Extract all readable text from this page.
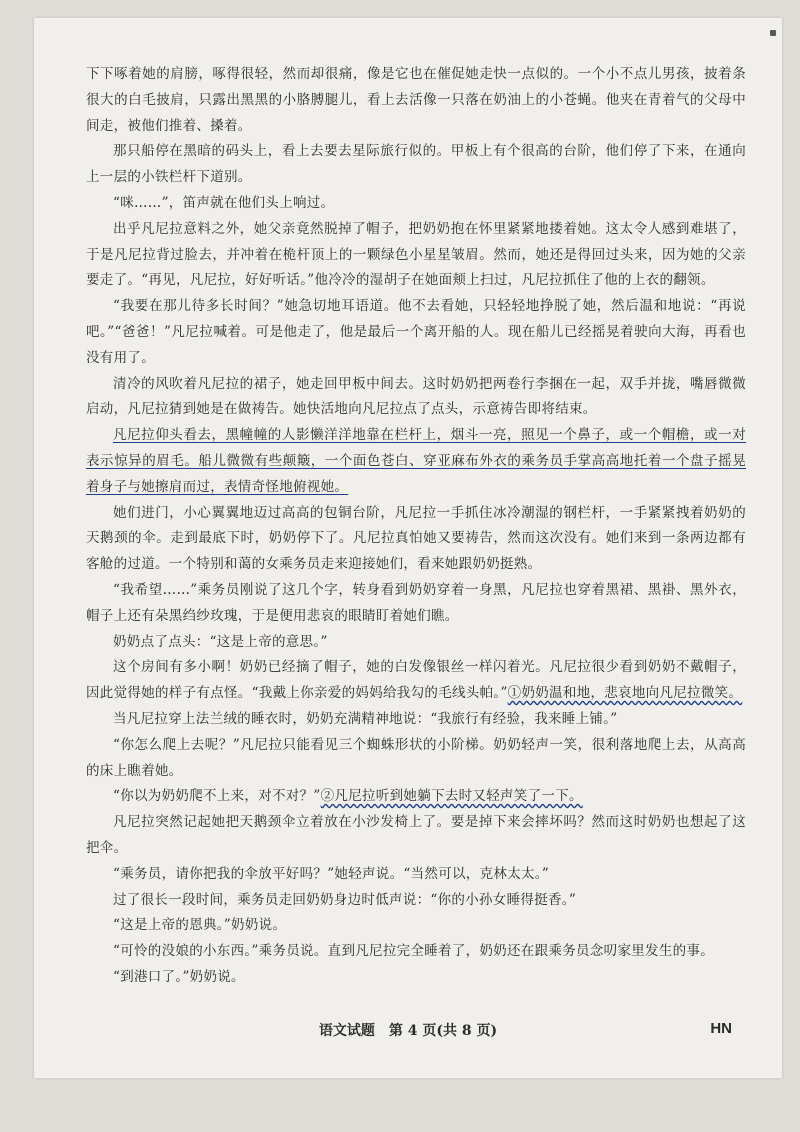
下下啄着她的肩膀，啄得很轻，然而却很痛，像是它也在催促她走快一点似的。一个小不点儿男孩，披着条很大的白毛披肩，只露出黑黑的小胳膊腿儿，看上去活像一只落在奶油上的小苍蝇。他夹在青着气的父母中间走，被他们推着、搡着。

那只船停在黑暗的码头上，看上去要去星际旅行似的。甲板上有个很高的台阶，他们停了下来，在通向上一层的小铁栏杆下道别。

“咪……”，笛声就在他们头上响过。

出乎凡尼拉意料之外，她父亲竟然脱掉了帽子，把奶奶抱在怀里紧紧地搂着她。这太令人感到难堪了，于是凡尼拉背过脸去，并冲着在桅杆顶上的一颗绿色小星星皱眉。然而，她还是得回过头来，因为她的父亲要走了。“再见，凡尼拉，好好听话。”他冷冷的湿胡子在她面颊上扫过，凡尼拉抓住了他的上衣的翻领。

“我要在那儿待多长时间？”她急切地耳语道。他不去看她，只轻轻地挣脱了她，然后温和地说：“再说吧。”“爸爸！”凡尼拉喊着。可是他走了，他是最后一个离开船的人。现在船儿已经摇晃着驶向大海，再看也没有用了。

清冷的风吹着凡尼拉的裙子，她走回甲板中间去。这时奶奶把两卷行李捆在一起，双手并拢，嘴唇微微启动，凡尼拉猜到她是在做祷告。她快活地向凡尼拉点了点头，示意祷告即将结束。

凡尼拉仰头看去，黑幢幢的人影懒洋洋地靠在栏杆上，烟斗一亮，照见一个鼻子，或一个帽檐，或一对表示惊异的眉毛。船儿微微有些颠簸，一个面色苍白、穿亚麻布外衣的乘务员手掌高高地托着一个盘子摇晃着身子与她擦肩而过，表情奇怪地俯视她。

她们进门，小心翼翼地迈过高高的包铜台阶，凡尼拉一手抓住冰冷潮湿的钢栏杆，一手紧紧拽着奶奶的天鹅颈的伞。走到最底下时，奶奶停下了。凡尼拉真怕她又要祷告，然而这次没有。她们来到一条两边都有客舱的过道。一个特别和蔼的女乘务员走来迎接她们，看来她跟奶奶挺熟。

“我希望……”乘务员刚说了这几个字，转身看到奶奶穿着一身黑，凡尼拉也穿着黑裙、黑褂、黑外衣，帽子上还有朵黑绉纱玫瑰，于是便用悲哀的眼睛盯着她们瞧。

奶奶点了点头：“这是上帝的意思。”

这个房间有多小啊！奶奶已经摘了帽子，她的白发像银丝一样闪着光。凡尼拉很少看到奶奶不戴帽子，因此觉得她的样子有点怪。“我戴上你亲爱的妈妈给我勾的毛线头帕。”①奶奶温和地，悲哀地向凡尼拉微笑。

当凡尼拉穿上法兰绒的睡衣时，奶奶充满精神地说：“我旅行有经验，我来睡上铺。”

“你怎么爬上去呢？”凡尼拉只能看见三个蜘蛛形状的小阶梯。奶奶轻声一笑，很利落地爬上去，从高高的床上瞧着她。

“你以为奶奶爬不上来，对不对？”②凡尼拉听到她躺下去时又轻声笑了一下。

凡尼拉突然记起她把天鹅颈伞立着放在小沙发椅上了。要是掉下来会摔坏吗？然而这时奶奶也想起了这把伞。

“乘务员，请你把我的伞放平好吗？”她轻声说。“当然可以，克林太太。”

过了很长一段时间，乘务员走回奶奶身边时低声说：“你的小孙女睡得挺香。”

“这是上帝的恩典。”奶奶说。

“可怜的没娘的小东西。”乘务员说。直到凡尼拉完全睡着了，奶奶还在跟乘务员念叨家里发生的事。

“到港口了。”奶奶说。

语文试题　第 4 页(共 8 页)	HN
